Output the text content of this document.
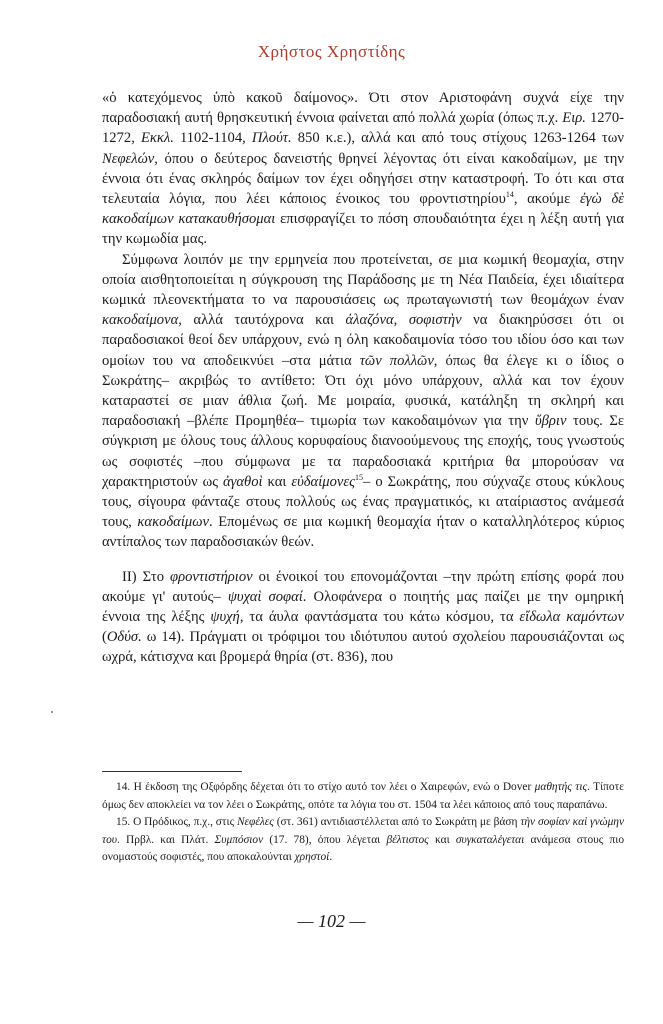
Χρήστος Χρηστίδης

«ὁ κατεχόμενος ὑπὸ κακοῦ δαίμονος». Ότι στον Αριστοφάνη συχνά είχε την παραδοσιακή αυτή θρησκευτική έννοια φαίνεται από πολλά χωρία (όπως π.χ. Ειρ. 1270-1272, Εκκλ. 1102-1104, Πλούτ. 850 κ.ε.), αλλά και από τους στίχους 1263-1264 των Νεφελών, όπου ο δεύτερος δανειστής θρηνεί λέγοντας ότι είναι κακοδαίμων, με την έννοια ότι ένας σκληρός δαίμων τον έχει οδηγήσει στην καταστροφή. Το ότι και στα τελευταία λόγια, που λέει κάποιος ένοικος του φροντιστηρίου$^{14}$, ακούμε ἐγὼ δὲ κακοδαίμων κατακαυθήσομαι επισφραγίζει το πόση σπουδαιότητα έχει η λέξη αυτή για την κωμωδία μας.

Σύμφωνα λοιπόν με την ερμηνεία που προτείνεται, σε μια κωμική θεομαχία, στην οποία αισθητοποιείται η σύγκρουση της Παράδοσης με τη Νέα Παιδεία, έχει ιδιαίτερα κωμικά πλεονεκτήματα το να παρουσιάσεις ως πρωταγωνιστή των θεομάχων έναν κακοδαίμονα, αλλά ταυτόχρονα και ἀλαζόνα, σοφιστὴν να διακηρύσσει ότι οι παραδοσιακοί θεοί δεν υπάρχουν, ενώ η όλη κακοδαιμονία τόσο του ιδίου όσο και των ομοίων του να αποδεικνύει –στα μάτια τῶν πολλῶν, όπως θα έλεγε κι ο ίδιος ο Σωκράτης– ακριβώς το αντίθετο: Ότι όχι μόνο υπάρχουν, αλλά και τον έχουν καταραστεί σε μιαν άθλια ζωή. Με μοιραία, φυσικά, κατάληξη τη σκληρή και παραδοσιακή –βλέπε Προμηθέα– τιμωρία των κακοδαιμόνων για την ὕβριν τους. Σε σύγκριση με όλους τους άλλους κορυφαίους διανοούμενους της εποχής, τους γνωστούς ως σοφιστές –που σύμφωνα με τα παραδοσιακά κριτήρια θα μπορούσαν να χαρακτηριστούν ως ἀγαθοὶ και εὐδαίμονες$^{15}$– ο Σωκράτης, που σύχναζε στους κύκλους τους, σίγουρα φάνταζε στους πολλούς ως ένας πραγματικός, κι αταίριαστος ανάμεσά τους, κακοδαίμων. Επομένως σε μια κωμική θεομαχία ήταν ο καταλληλότερος κύριος αντίπαλος των παραδοσιακών θεών.

ΙΙ) Στο φροντιστήριον οι ένοικοί του επονομάζονται –την πρώτη επίσης φορά που ακούμε γι' αυτούς– ψυχαὶ σοφαί. Ολοφάνερα ο ποιητής μας παίζει με την ομηρική έννοια της λέξης ψυχή, τα άυλα φαντάσματα του κάτω κόσμου, τα εἴδωλα καμόντων (Οδύσ. ω 14). Πράγματι οι τρόφιμοι του ιδιότυπου αυτού σχολείου παρουσιάζονται ως ωχρά, κάτισχνα και βρομερά θηρία (στ. 836), που

14. Η έκδοση της Οξφόρδης δέχεται ότι το στίχο αυτό τον λέει ο Χαιρεφών, ενώ ο Dover μαθητής τις. Τίποτε όμως δεν αποκλείει να τον λέει ο Σωκράτης, οπότε τα λόγια του στ. 1504 τα λέει κάποιος από τους παραπάνω.

15. Ο Πρόδικος, π.χ., στις Νεφέλες (στ. 361) αντιδιαστέλλεται από το Σωκράτη με βάση τὴν σοφίαν καὶ γνώμην του. Πρβλ. και Πλάτ. Συμπόσιον (17. 78), όπου λέγεται βέλτιστος και συγκαταλέγεται ανάμεσα στους πιο ονομαστούς σοφιστές, που αποκαλούνται χρηστοί.

— 102 —
